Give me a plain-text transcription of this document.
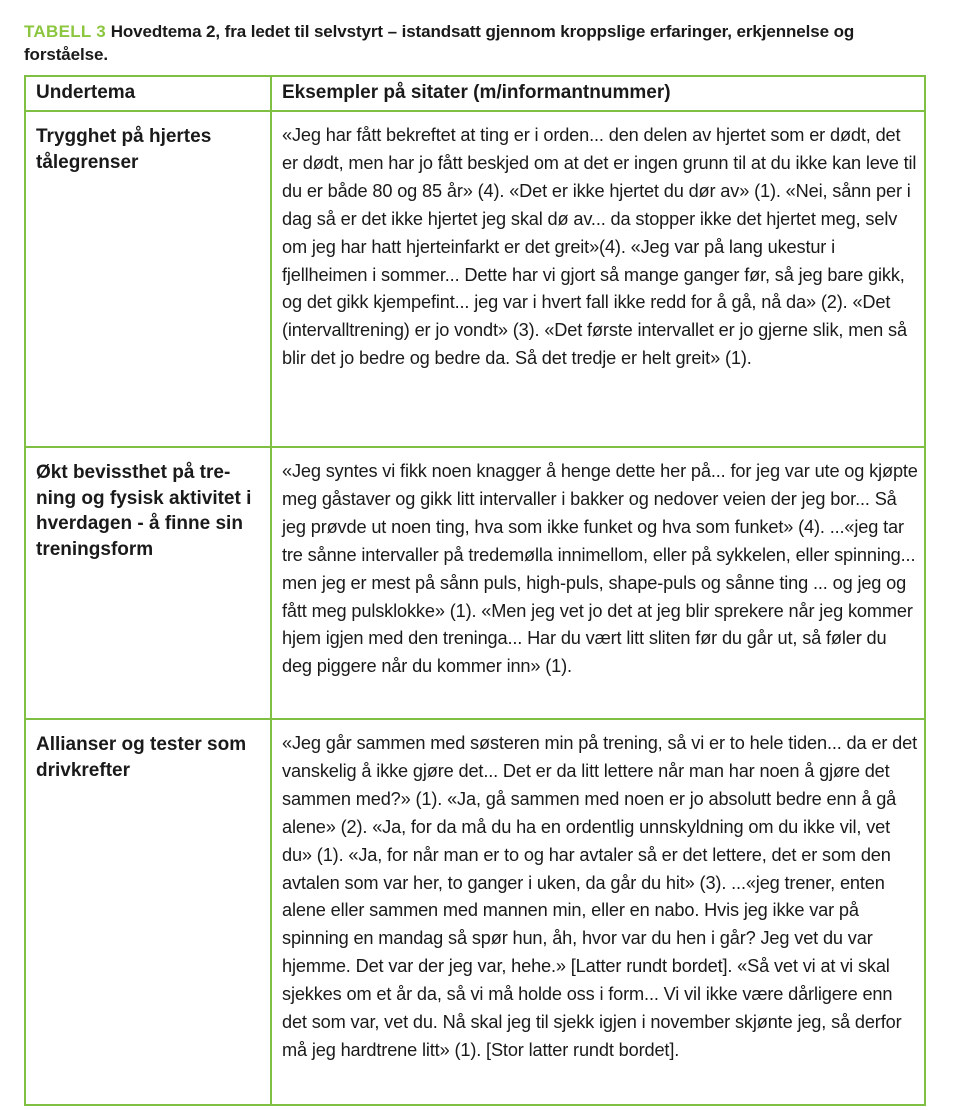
TABELL 3 Hovedtema 2, fra ledet til selvstyrt – istandsatt gjennom kroppslige erfaringer, erkjennelse og forståelse.
Undertema	Eksempler på sitater (m/informantnummer)
Trygghet på hjertes tålegrenser	«Jeg har fått bekreftet at ting er i orden... den delen av hjertet som er dødt, det er dødt, men har jo fått beskjed om at det er ingen grunn til at du ikke kan leve til du er både 80 og 85 år» (4). «Det er ikke hjertet du dør av» (1). «Nei, sånn per i dag så er det ikke hjertet jeg skal dø av... da stopper ikke det hjertet meg, selv om jeg har hatt hjerteinfarkt er det greit»(4). «Jeg var på lang ukestur i fjellheimen i sommer... Dette har vi gjort så mange ganger før, så jeg bare gikk, og det gikk kjempefint... jeg var i hvert fall ikke redd for å gå, nå da» (2). «Det (intervalltrening) er jo vondt» (3). «Det første intervallet er jo gjerne slik, men så blir det jo bedre og bedre da. Så det tredje er helt greit» (1).
Økt bevissthet på tre-ning og fysisk aktivitet i hverdagen - å finne sin treningsform	«Jeg syntes vi fikk noen knagger å henge dette her på... for jeg var ute og kjøpte meg gåstaver og gikk litt intervaller i bakker og nedover veien der jeg bor... Så jeg prøvde ut noen ting, hva som ikke funket og hva som funket» (4). ...«jeg tar tre sånne intervaller på tredemølla innimellom, eller på sykkelen, eller spinning... men jeg er mest på sånn puls, high-puls, shape-puls og sånne ting ... og jeg og fått meg pulsklokke» (1). «Men jeg vet jo det at jeg blir sprekere når jeg kommer hjem igjen med den treninga... Har du vært litt sliten før du går ut, så føler du deg piggere når du kommer inn» (1).
Allianser og tester som drivkrefter	«Jeg går sammen med søsteren min på trening, så vi er to hele tiden... da er det vanskelig å ikke gjøre det... Det er da litt lettere når man har noen å gjøre det sammen med?» (1). «Ja, gå sammen med noen er jo absolutt bedre enn å gå alene» (2). «Ja, for da må du ha en ordentlig unnskyldning om du ikke vil, vet du» (1). «Ja, for når man er to og har avtaler så er det lettere, det er som den avtalen som var her, to ganger i uken, da går du hit» (3). ...«jeg trener, enten alene eller sammen med mannen min, eller en nabo. Hvis jeg ikke var på spinning en mandag så spør hun, åh, hvor var du hen i går? Jeg vet du var hjemme. Det var der jeg var, hehe.» [Latter rundt bordet]. «Så vet vi at vi skal sjekkes om et år da, så vi må holde oss i form... Vi vil ikke være dårligere enn det som var, vet du. Nå skal jeg til sjekk igjen i november skjønte jeg, så derfor må jeg hardtrene litt» (1). [Stor latter rundt bordet].
